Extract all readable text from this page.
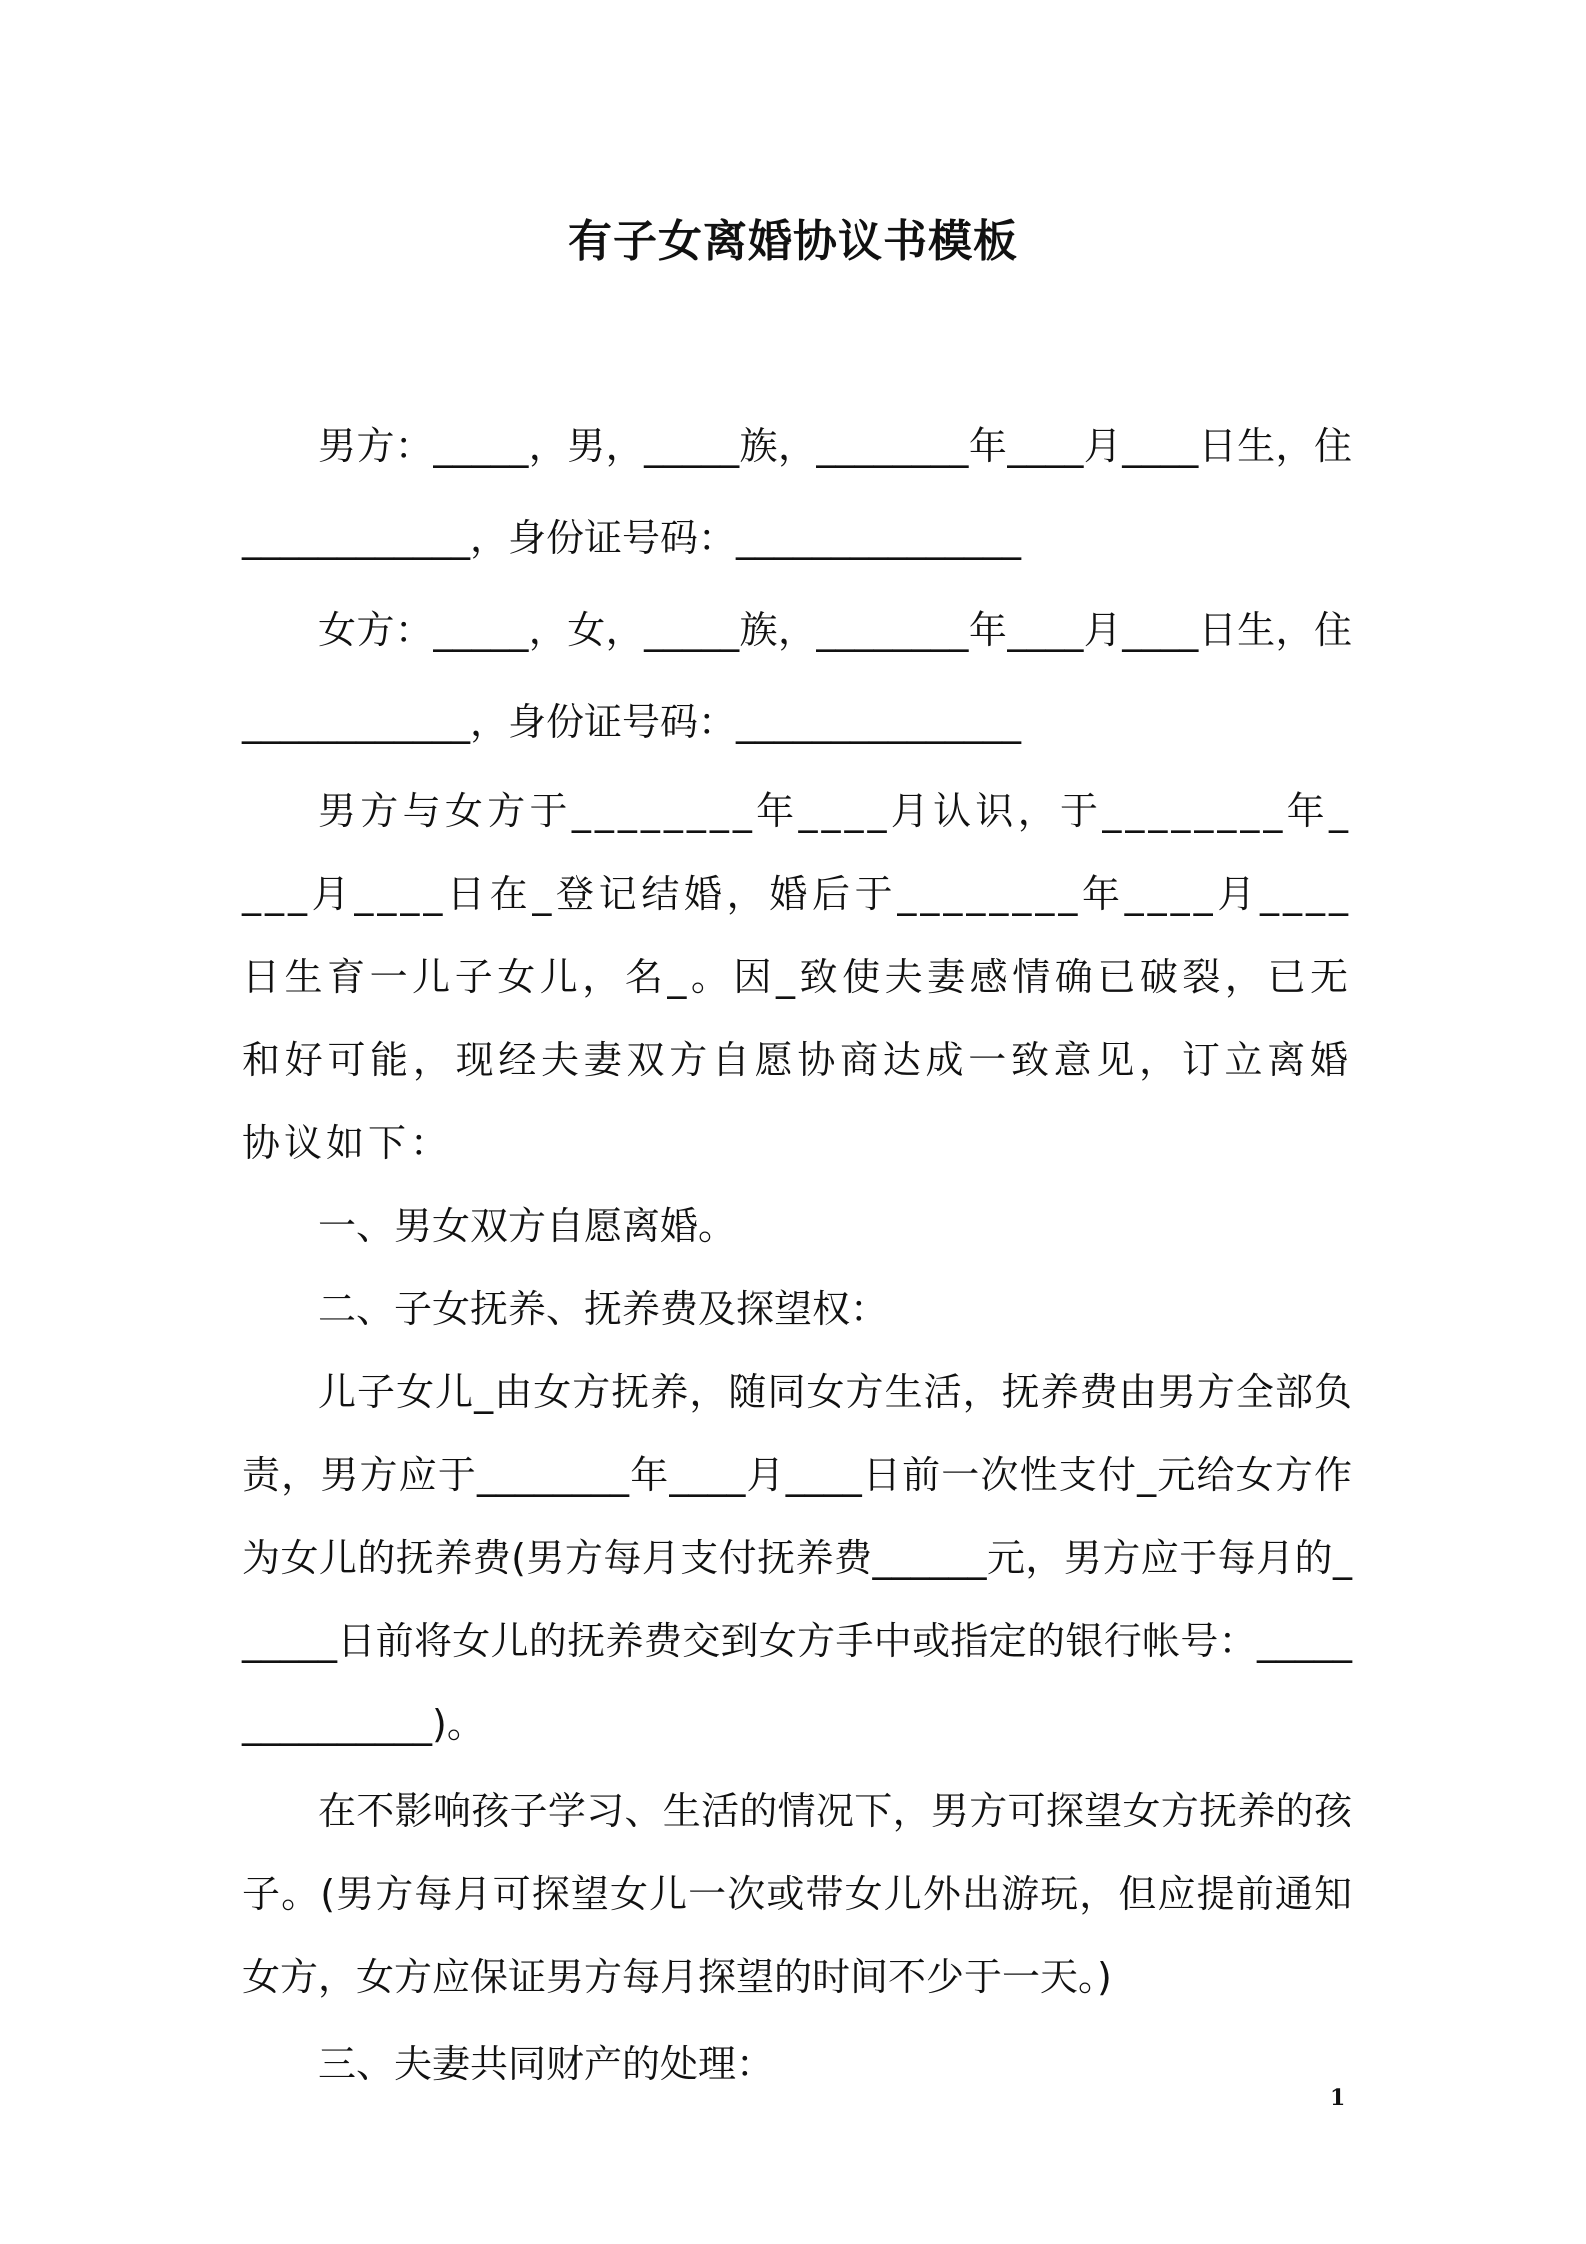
有子女离婚协议书模板

男方：_____，男，_____族，________年____月____日生，住____________，身份证号码：_______________

女方：_____，女，_____族，________年____月____日生，住____________，身份证号码：_______________

男方与女方于________年____月认识，于________年____月____日在_登记结婚，婚后于________年____月____日生育一儿子女儿，名_。因_致使夫妻感情确已破裂，已无和好可能，现经夫妻双方自愿协商达成一致意见，订立离婚协议如下：

一、男女双方自愿离婚。

二、子女抚养、抚养费及探望权：

儿子女儿_由女方抚养，随同女方生活，抚养费由男方全部负责，男方应于________年____月____日前一次性支付_元给女方作为女儿的抚养费(男方每月支付抚养费______元，男方应于每月的______日前将女儿的抚养费交到女方手中或指定的银行帐号：_______________)。

在不影响孩子学习、生活的情况下，男方可探望女方抚养的孩子。(男方每月可探望女儿一次或带女儿外出游玩，但应提前通知女方，女方应保证男方每月探望的时间不少于一天。)

三、夫妻共同财产的处理：

1
